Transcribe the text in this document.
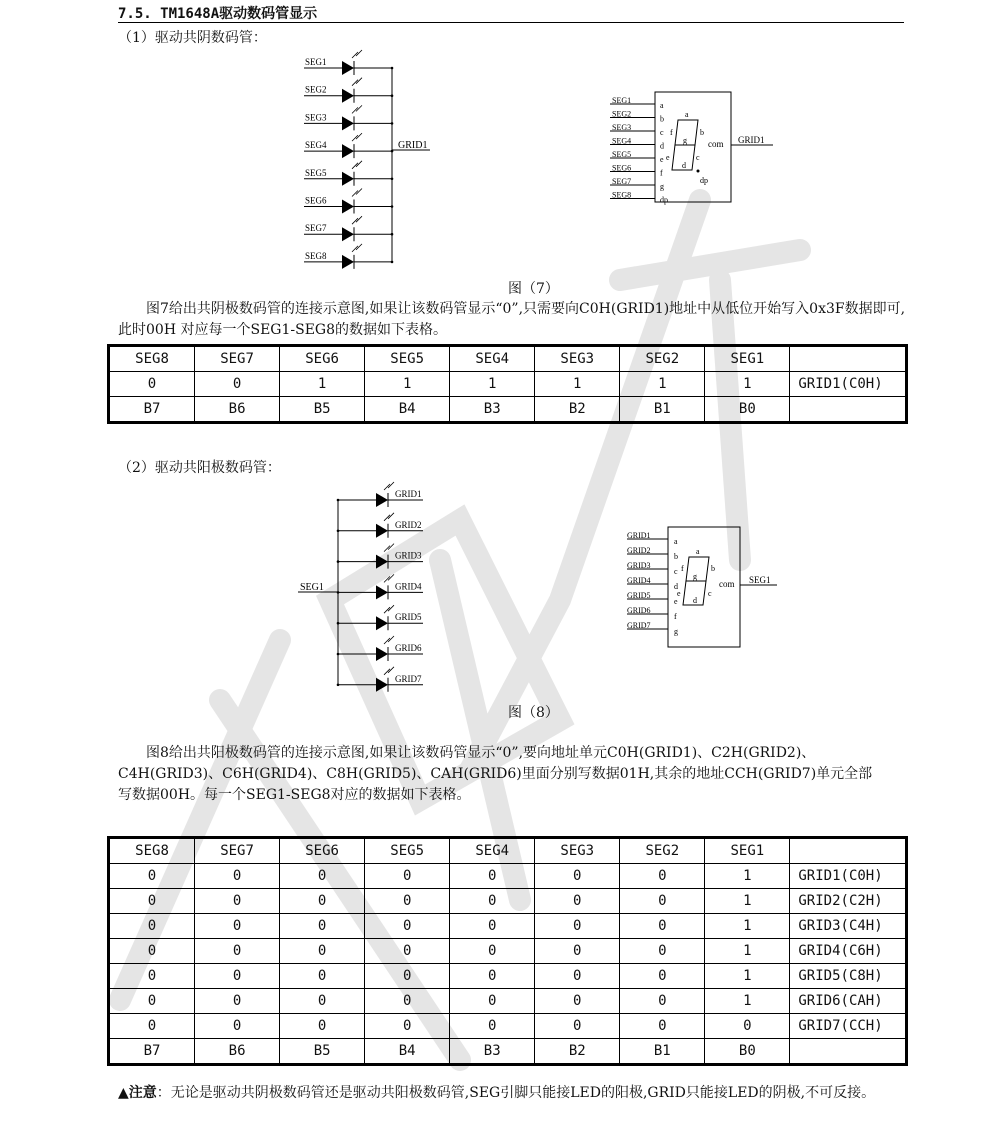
7.5. TM1648A驱动数码管显示
（1）驱动共阴数码管：
SEG1
SEG2
SEG3
SEG4
SEG5
SEG6
SEG7
SEG8
GRID1
SEG1
a
SEG2
b
SEG3
c
SEG4
d
SEG5
e
SEG6
f
SEG7
g
SEG8
dp
a
b
c
d
e
f
g
dp
com GRID1
图（7）
图7给出共阴极数码管的连接示意图,如果让该数码管显示“0”,只需要向C0H(GRID1)地址中从低位开始写入0x3F数据即可,此时00H 对应每一个SEG1-SEG8的数据如下表格。
SEG8	SEG7	SEG6	SEG5	SEG4	SEG3	SEG2	SEG1	
0	0	1	1	1	1	1	1	GRID1(C0H)
B7	B6	B5	B4	B3	B2	B1	B0	
（2）驱动共阳极数码管：
GRID1
GRID2
GRID3
GRID4
GRID5
GRID6
GRID7
SEG1
GRID1
a
GRID2
b
GRID3
c
GRID4
d
GRID5
e
GRID6
f
GRID7
g
a
b
c
d
e
f
g
com SEG1
图（8）
图8给出共阳极数码管的连接示意图,如果让该数码管显示“0”,要向地址单元C0H(GRID1)、C2H(GRID2)、C4H(GRID3)、C6H(GRID4)、C8H(GRID5)、CAH(GRID6)里面分别写数据01H,其余的地址CCH(GRID7)单元全部写数据00H。每一个SEG1-SEG8对应的数据如下表格。
SEG8	SEG7	SEG6	SEG5	SEG4	SEG3	SEG2	SEG1	
0	0	0	0	0	0	0	1	GRID1(C0H)
0	0	0	0	0	0	0	1	GRID2(C2H)
0	0	0	0	0	0	0	1	GRID3(C4H)
0	0	0	0	0	0	0	1	GRID4(C6H)
0	0	0	0	0	0	0	1	GRID5(C8H)
0	0	0	0	0	0	0	1	GRID6(CAH)
0	0	0	0	0	0	0	0	GRID7(CCH)
B7	B6	B5	B4	B3	B2	B1	B0	
▲注意：无论是驱动共阴极数码管还是驱动共阳极数码管,SEG引脚只能接LED的阳极,GRID只能接LED的阴极,不可反接。
